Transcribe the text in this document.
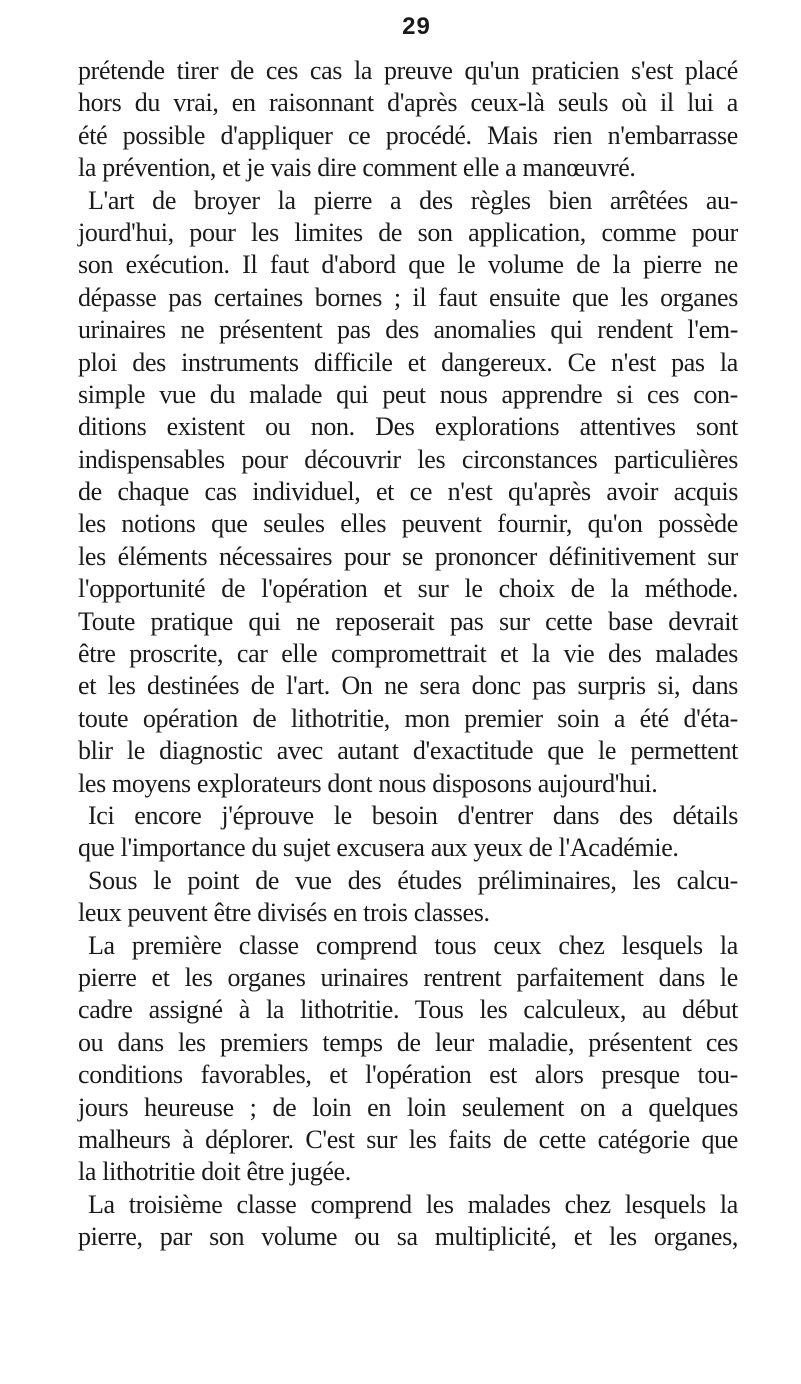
29
prétende tirer de ces cas la preuve qu'un praticien s'est placé
hors du vrai, en raisonnant d'après ceux-là seuls où il lui a
été possible d'appliquer ce procédé. Mais rien n'embarrasse
la prévention, et je vais dire comment elle a manœuvré.
L'art de broyer la pierre a des règles bien arrêtées au-
jourd'hui, pour les limites de son application, comme pour
son exécution. Il faut d'abord que le volume de la pierre ne
dépasse pas certaines bornes ; il faut ensuite que les organes
urinaires ne présentent pas des anomalies qui rendent l'em-
ploi des instruments difficile et dangereux. Ce n'est pas la
simple vue du malade qui peut nous apprendre si ces con-
ditions existent ou non. Des explorations attentives sont
indispensables pour découvrir les circonstances particulières
de chaque cas individuel, et ce n'est qu'après avoir acquis
les notions que seules elles peuvent fournir, qu'on possède
les éléments nécessaires pour se prononcer définitivement sur
l'opportunité de l'opération et sur le choix de la méthode.
Toute pratique qui ne reposerait pas sur cette base devrait
être proscrite, car elle compromettrait et la vie des malades
et les destinées de l'art. On ne sera donc pas surpris si, dans
toute opération de lithotritie, mon premier soin a été d'éta-
blir le diagnostic avec autant d'exactitude que le permettent
les moyens explorateurs dont nous disposons aujourd'hui.
Ici encore j'éprouve le besoin d'entrer dans des détails
que l'importance du sujet excusera aux yeux de l'Académie.
Sous le point de vue des études préliminaires, les calcu-
leux peuvent être divisés en trois classes.
La première classe comprend tous ceux chez lesquels la
pierre et les organes urinaires rentrent parfaitement dans le
cadre assigné à la lithotritie. Tous les calculeux, au début
ou dans les premiers temps de leur maladie, présentent ces
conditions favorables, et l'opération est alors presque tou-
jours heureuse ; de loin en loin seulement on a quelques
malheurs à déplorer. C'est sur les faits de cette catégorie que
la lithotritie doit être jugée.
La troisième classe comprend les malades chez lesquels la
pierre, par son volume ou sa multiplicité, et les organes,
